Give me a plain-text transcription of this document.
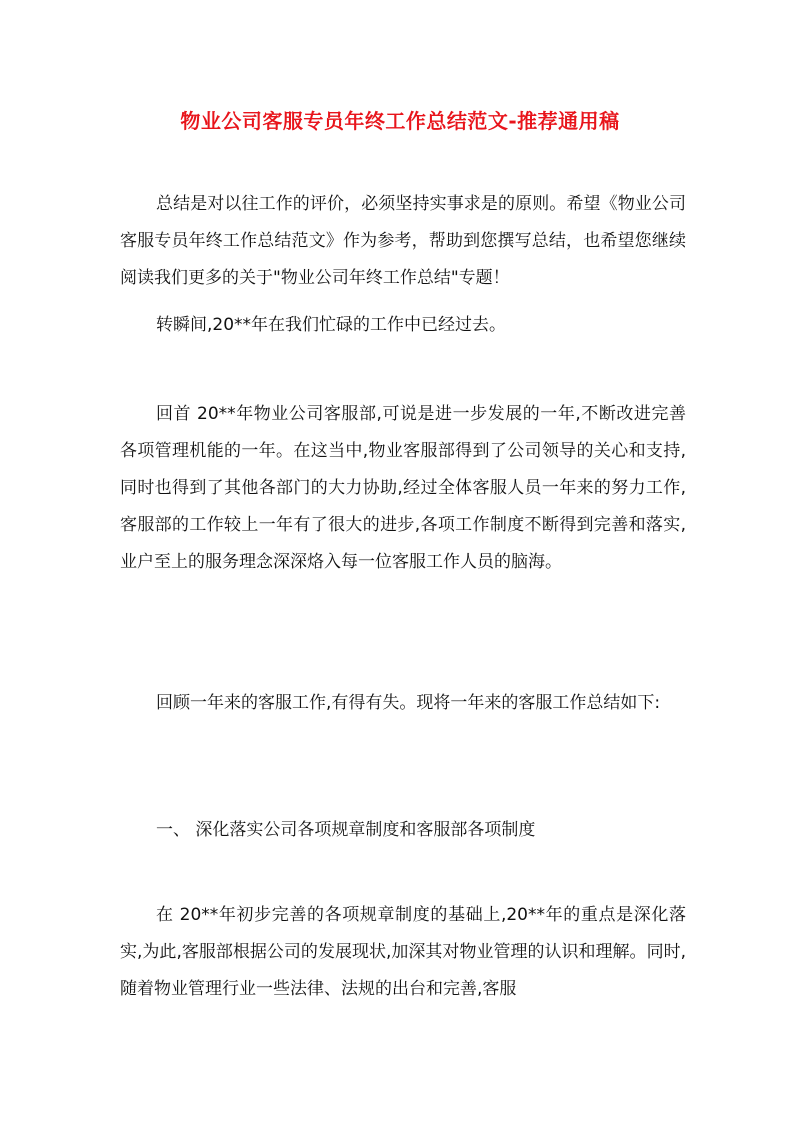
物业公司客服专员年终工作总结范文-推荐通用稿

总结是对以往工作的评价，必须坚持实事求是的原则。希望《物业公司客服专员年终工作总结范文》作为参考，帮助到您撰写总结，也希望您继续阅读我们更多的关于"物业公司年终工作总结"专题！

转瞬间,20**年在我们忙碌的工作中已经过去。

回首 20**年物业公司客服部,可说是进一步发展的一年,不断改进完善各项管理机能的一年。在这当中,物业客服部得到了公司领导的关心和支持,同时也得到了其他各部门的大力协助,经过全体客服人员一年来的努力工作,客服部的工作较上一年有了很大的进步,各项工作制度不断得到完善和落实, 业户至上的服务理念深深烙入每一位客服工作人员的脑海。

回顾一年来的客服工作,有得有失。现将一年来的客服工作总结如下:

一、 深化落实公司各项规章制度和客服部各项制度

在 20**年初步完善的各项规章制度的基础上,20**年的重点是深化落实,为此,客服部根据公司的发展现状,加深其对物业管理的认识和理解。同时,随着物业管理行业一些法律、法规的出台和完善,客服
